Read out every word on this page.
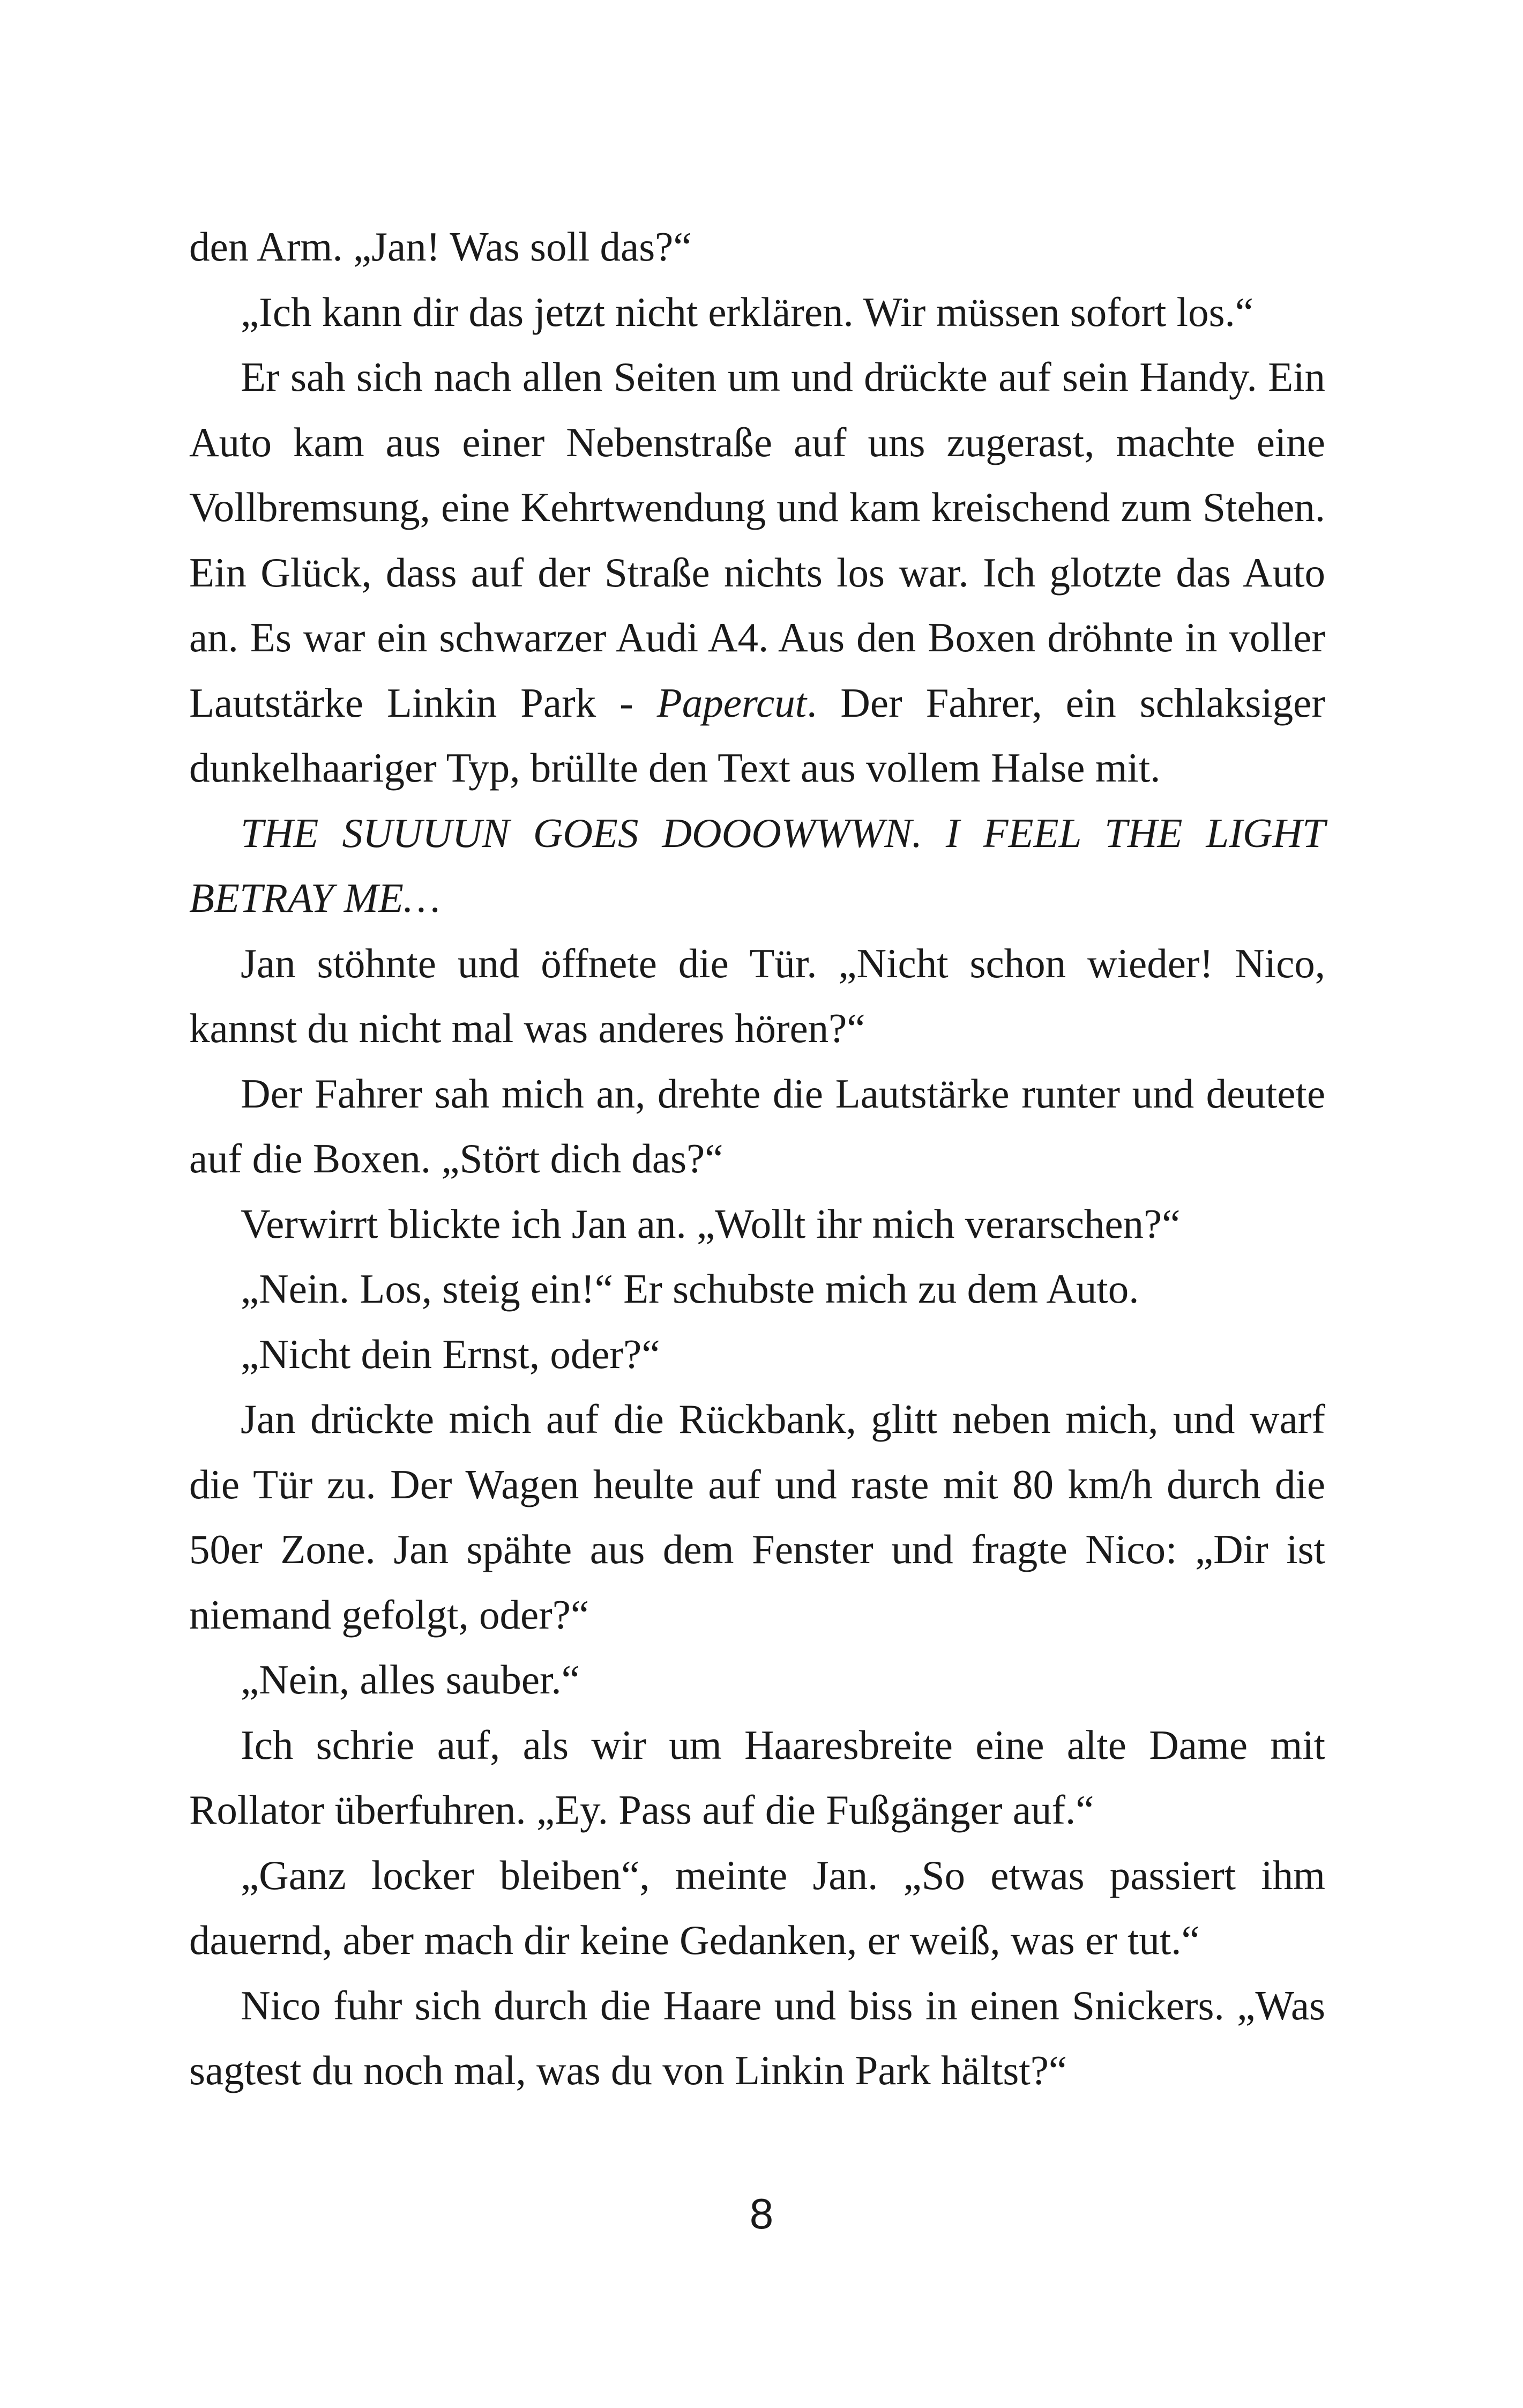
den Arm. „Jan! Was soll das?“

„Ich kann dir das jetzt nicht erklären. Wir müssen sofort los.“

Er sah sich nach allen Seiten um und drückte auf sein Handy. Ein Auto kam aus einer Nebenstraße auf uns zugerast, machte eine Vollbremsung, eine Kehrtwendung und kam kreischend zum Stehen. Ein Glück, dass auf der Straße nichts los war. Ich glotzte das Auto an. Es war ein schwarzer Audi A4. Aus den Boxen dröhnte in voller Lautstärke Linkin Park - Papercut. Der Fahrer, ein schlaksiger dunkelhaariger Typ, brüllte den Text aus vollem Halse mit.

THE SUUUUN GOES DOOOWWWN. I FEEL THE LIGHT BETRAY ME…

Jan stöhnte und öffnete die Tür. „Nicht schon wieder! Nico, kannst du nicht mal was anderes hören?“

Der Fahrer sah mich an, drehte die Lautstärke runter und deutete auf die Boxen. „Stört dich das?“

Verwirrt blickte ich Jan an. „Wollt ihr mich verarschen?“

„Nein. Los, steig ein!“ Er schubste mich zu dem Auto.

„Nicht dein Ernst, oder?“

Jan drückte mich auf die Rückbank, glitt neben mich, und warf die Tür zu. Der Wagen heulte auf und raste mit 80 km/h durch die 50er Zone. Jan spähte aus dem Fenster und fragte Nico: „Dir ist niemand gefolgt, oder?“

„Nein, alles sauber.“

Ich schrie auf, als wir um Haaresbreite eine alte Dame mit Rollator überfuhren. „Ey. Pass auf die Fußgänger auf.“

„Ganz locker bleiben“, meinte Jan. „So etwas passiert ihm dauernd, aber mach dir keine Gedanken, er weiß, was er tut.“

Nico fuhr sich durch die Haare und biss in einen Snickers. „Was sagtest du noch mal, was du von Linkin Park hältst?“

8
